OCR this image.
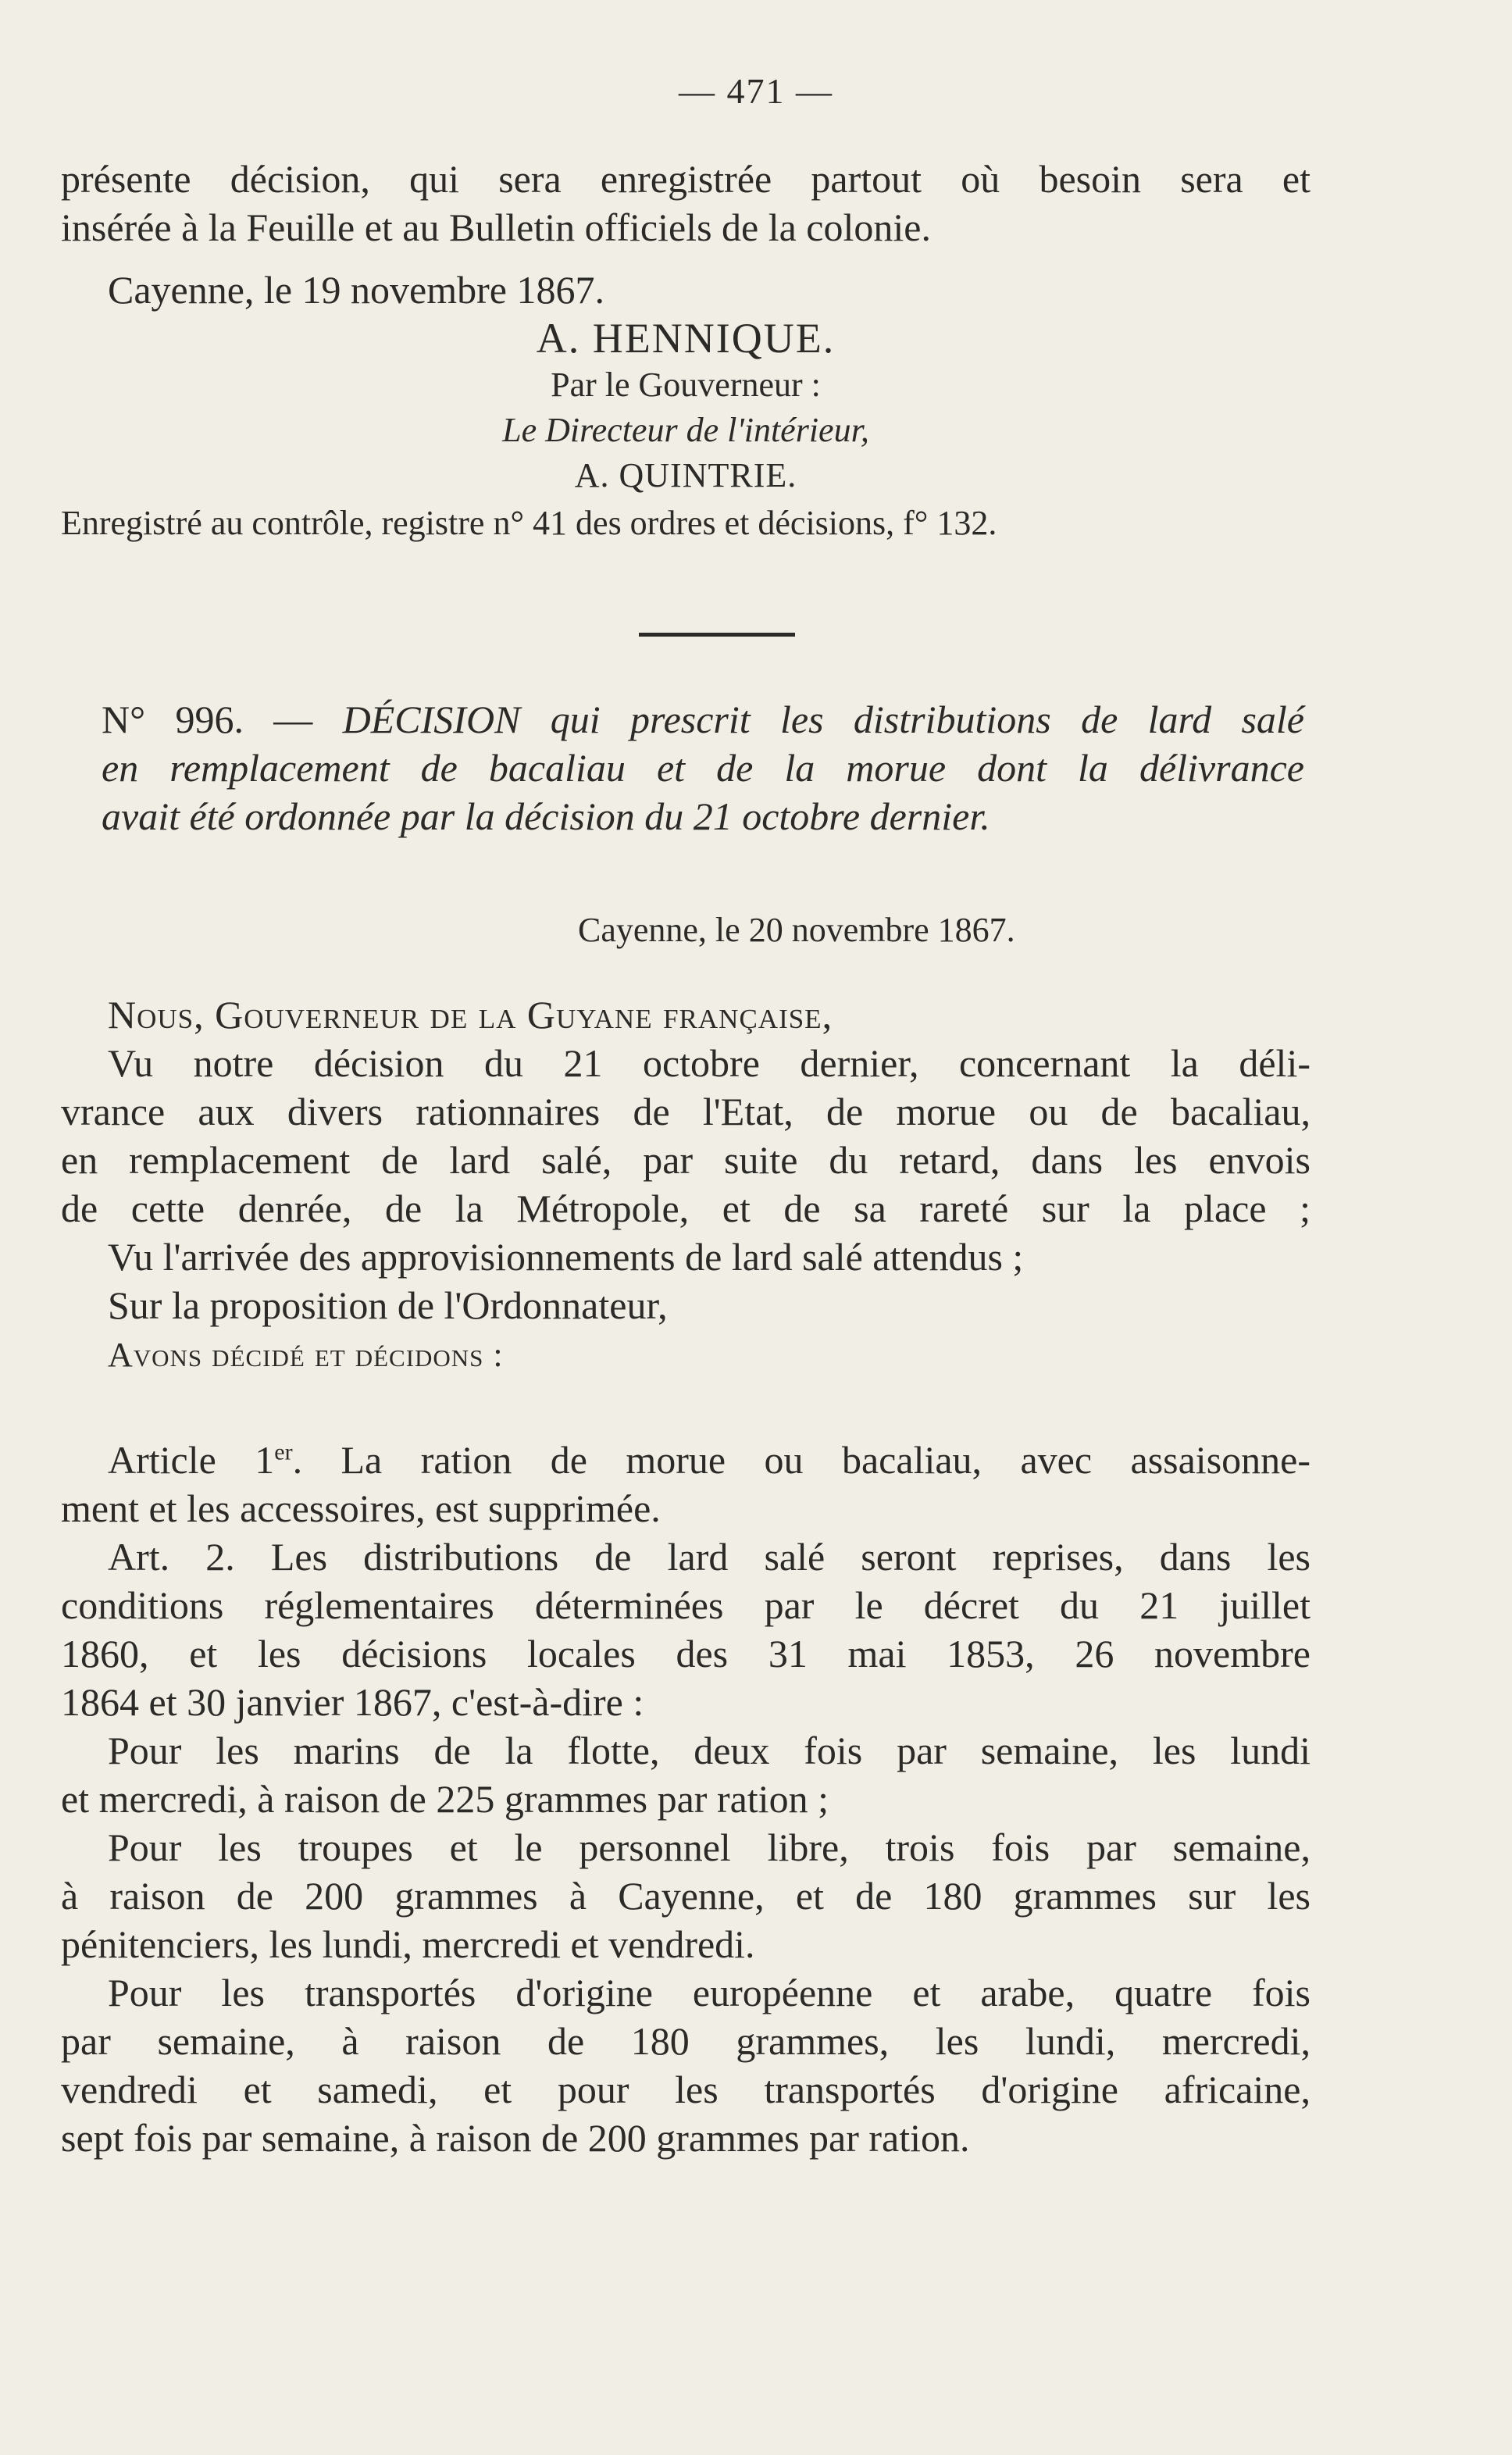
— 471 —
présente décision, qui sera enregistrée partout où besoin sera et
insérée à la Feuille et au Bulletin officiels de la colonie.
Cayenne, le 19 novembre 1867.
A. HENNIQUE.
Par le Gouverneur :
Le Directeur de l'intérieur,
A. QUINTRIE.
Enregistré au contrôle, registre n° 41 des ordres et décisions, f° 132.
N° 996. — DÉCISION qui prescrit les distributions de lard salé
en remplacement de bacaliau et de la morue dont la délivrance
avait été ordonnée par la décision du 21 octobre dernier.
Cayenne, le 20 novembre 1867.
Nous, Gouverneur de la Guyane française,
Vu notre décision du 21 octobre dernier, concernant la déli-
vrance aux divers rationnaires de l'Etat, de morue ou de bacaliau,
en remplacement de lard salé, par suite du retard, dans les envois
de cette denrée, de la Métropole, et de sa rareté sur la place ;
Vu l'arrivée des approvisionnements de lard salé attendus ;
Sur la proposition de l'Ordonnateur,
Avons décidé et décidons :
Article 1er. La ration de morue ou bacaliau, avec assaisonne-
ment et les accessoires, est supprimée.
Art. 2. Les distributions de lard salé seront reprises, dans les
conditions réglementaires déterminées par le décret du 21 juillet
1860, et les décisions locales des 31 mai 1853, 26 novembre
1864 et 30 janvier 1867, c'est-à-dire :
Pour les marins de la flotte, deux fois par semaine, les lundi
et mercredi, à raison de 225 grammes par ration ;
Pour les troupes et le personnel libre, trois fois par semaine,
à raison de 200 grammes à Cayenne, et de 180 grammes sur les
pénitenciers, les lundi, mercredi et vendredi.
Pour les transportés d'origine européenne et arabe, quatre fois
par semaine, à raison de 180 grammes, les lundi, mercredi,
vendredi et samedi, et pour les transportés d'origine africaine,
sept fois par semaine, à raison de 200 grammes par ration.
